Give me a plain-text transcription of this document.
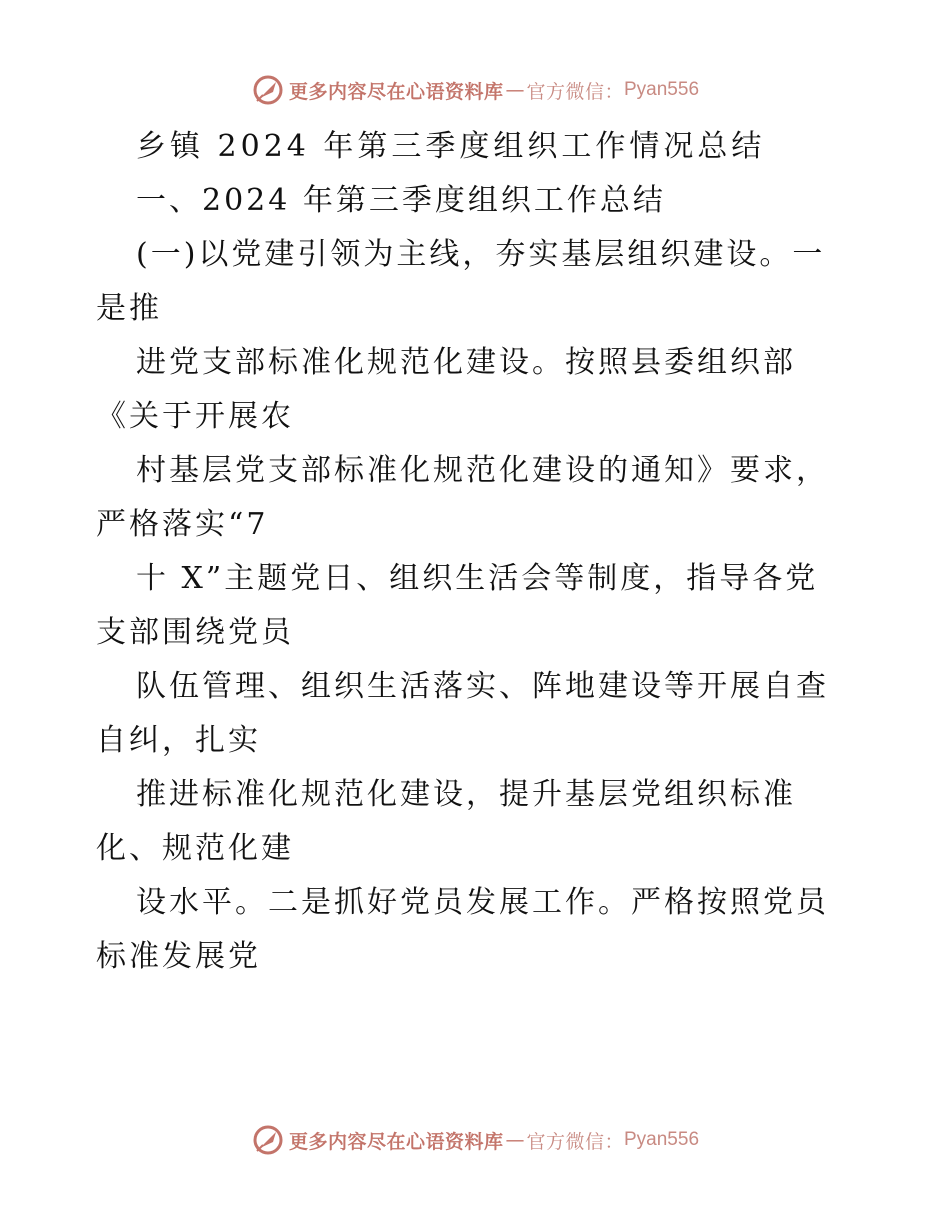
更多内容尽在心语资料库 — 官方微信： Pyan556
乡镇 2024 年第三季度组织工作情况总结
一、2024 年第三季度组织工作总结
(一)以党建引领为主线，夯实基层组织建设。一
是推
进党支部标准化规范化建设。按照县委组织部
《关于开展农
村基层党支部标准化规范化建设的通知》要求，
严格落实“7
十 X”主题党日、组织生活会等制度，指导各党
支部围绕党员
队伍管理、组织生活落实、阵地建设等开展自查
自纠，扎实
推进标准化规范化建设，提升基层党组织标准
化、规范化建
设水平。二是抓好党员发展工作。严格按照党员
标准发展党
更多内容尽在心语资料库 — 官方微信： Pyan556
